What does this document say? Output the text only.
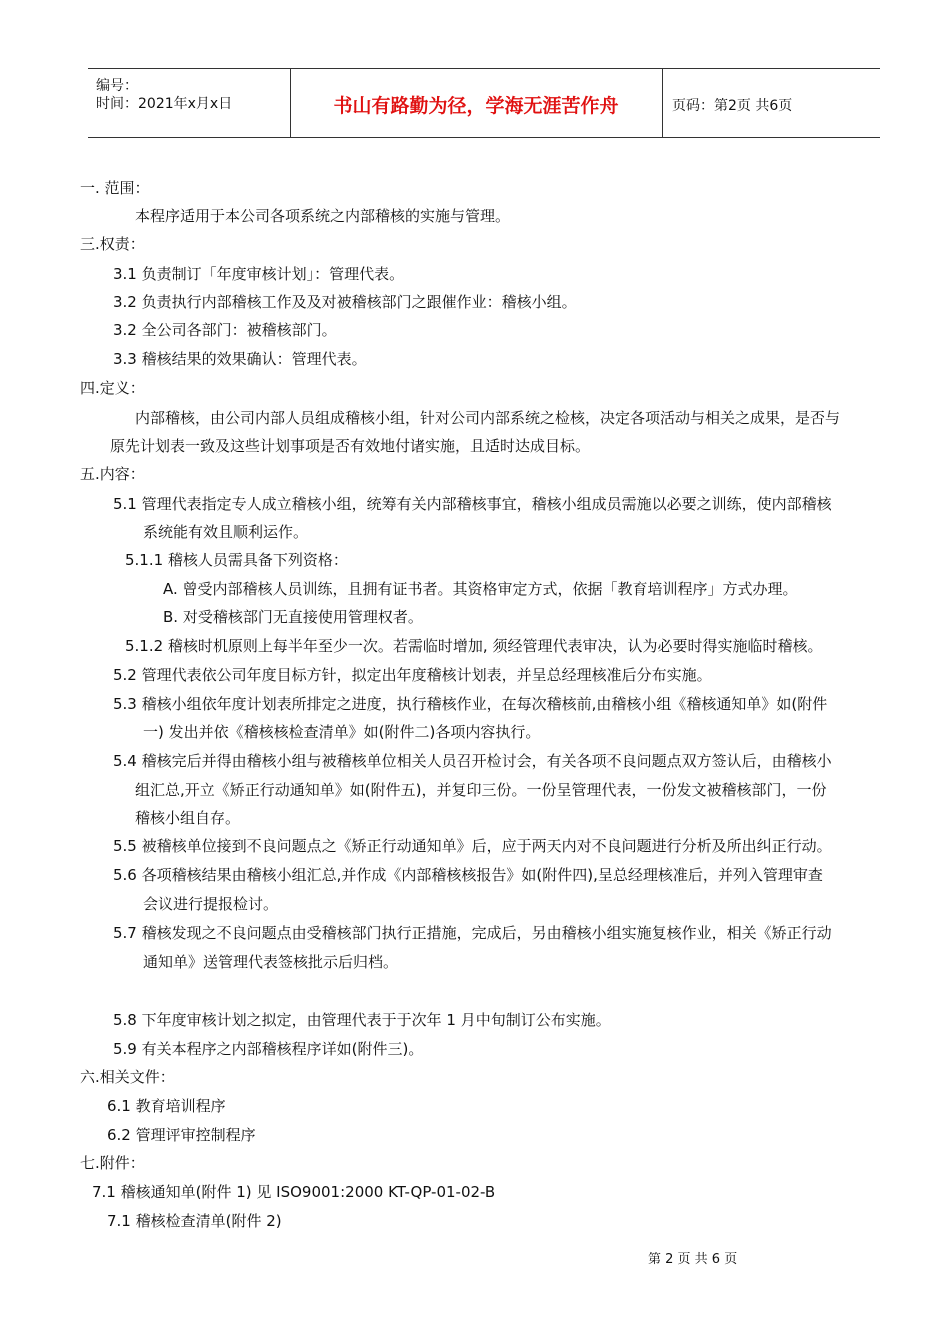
编号：
时间：2021年x月x日	书山有路勤为径，学海无涯苦作舟	页码：第2页 共6页
一. 范围：
本程序适用于本公司各项系统之内部稽核的实施与管理。
三.权责：
3.1 负责制订「年度审核计划」：管理代表。
3.2 负责执行内部稽核工作及及对被稽核部门之跟催作业：稽核小组。
3.2 全公司各部门：被稽核部门。
3.3 稽核结果的效果确认：管理代表。
四.定义：
内部稽核，由公司内部人员组成稽核小组，针对公司内部系统之检核，决定各项活动与相关之成果，是否与
原先计划表一致及这些计划事项是否有效地付诸实施，且适时达成目标。
五.内容：
5.1 管理代表指定专人成立稽核小组，统筹有关内部稽核事宜，稽核小组成员需施以必要之训练，使内部稽核
系统能有效且顺利运作。
5.1.1 稽核人员需具备下列资格：
A. 曾受内部稽核人员训练，且拥有证书者。其资格审定方式，依据「教育培训程序」方式办理。
B. 对受稽核部门无直接使用管理权者。
5.1.2 稽核时机原则上每半年至少一次。若需临时增加, 须经管理代表审决，认为必要时得实施临时稽核。
5.2 管理代表依公司年度目标方针，拟定出年度稽核计划表，并呈总经理核准后分布实施。
5.3 稽核小组依年度计划表所排定之进度，执行稽核作业，在每次稽核前,由稽核小组《稽核通知单》如(附件
一) 发出并依《稽核核检查清单》如(附件二)各项内容执行。
5.4 稽核完后并得由稽核小组与被稽核单位相关人员召开检讨会，有关各项不良问题点双方签认后，由稽核小
组汇总,开立《矫正行动通知单》如(附件五)，并复印三份。一份呈管理代表，一份发文被稽核部门，一份
稽核小组自存。
5.5 被稽核单位接到不良问题点之《矫正行动通知单》后，应于两天内对不良问题进行分析及所出纠正行动。
5.6 各项稽核结果由稽核小组汇总,并作成《内部稽核核报告》如(附件四),呈总经理核准后，并列入管理审查
会议进行提报检讨。
5.7 稽核发现之不良问题点由受稽核部门执行正措施，完成后，另由稽核小组实施复核作业，相关《矫正行动
通知单》送管理代表签核批示后归档。
5.8 下年度审核计划之拟定，由管理代表于于次年 1 月中旬制订公布实施。
5.9 有关本程序之内部稽核程序详如(附件三)。
六.相关文件：
6.1 教育培训程序
6.2 管理评审控制程序
七.附件：
7.1 稽核通知单(附件 1) 见 ISO9001:2000 KT-QP-01-02-B
7.1 稽核检查清单(附件 2)
第 2 页 共 6 页
